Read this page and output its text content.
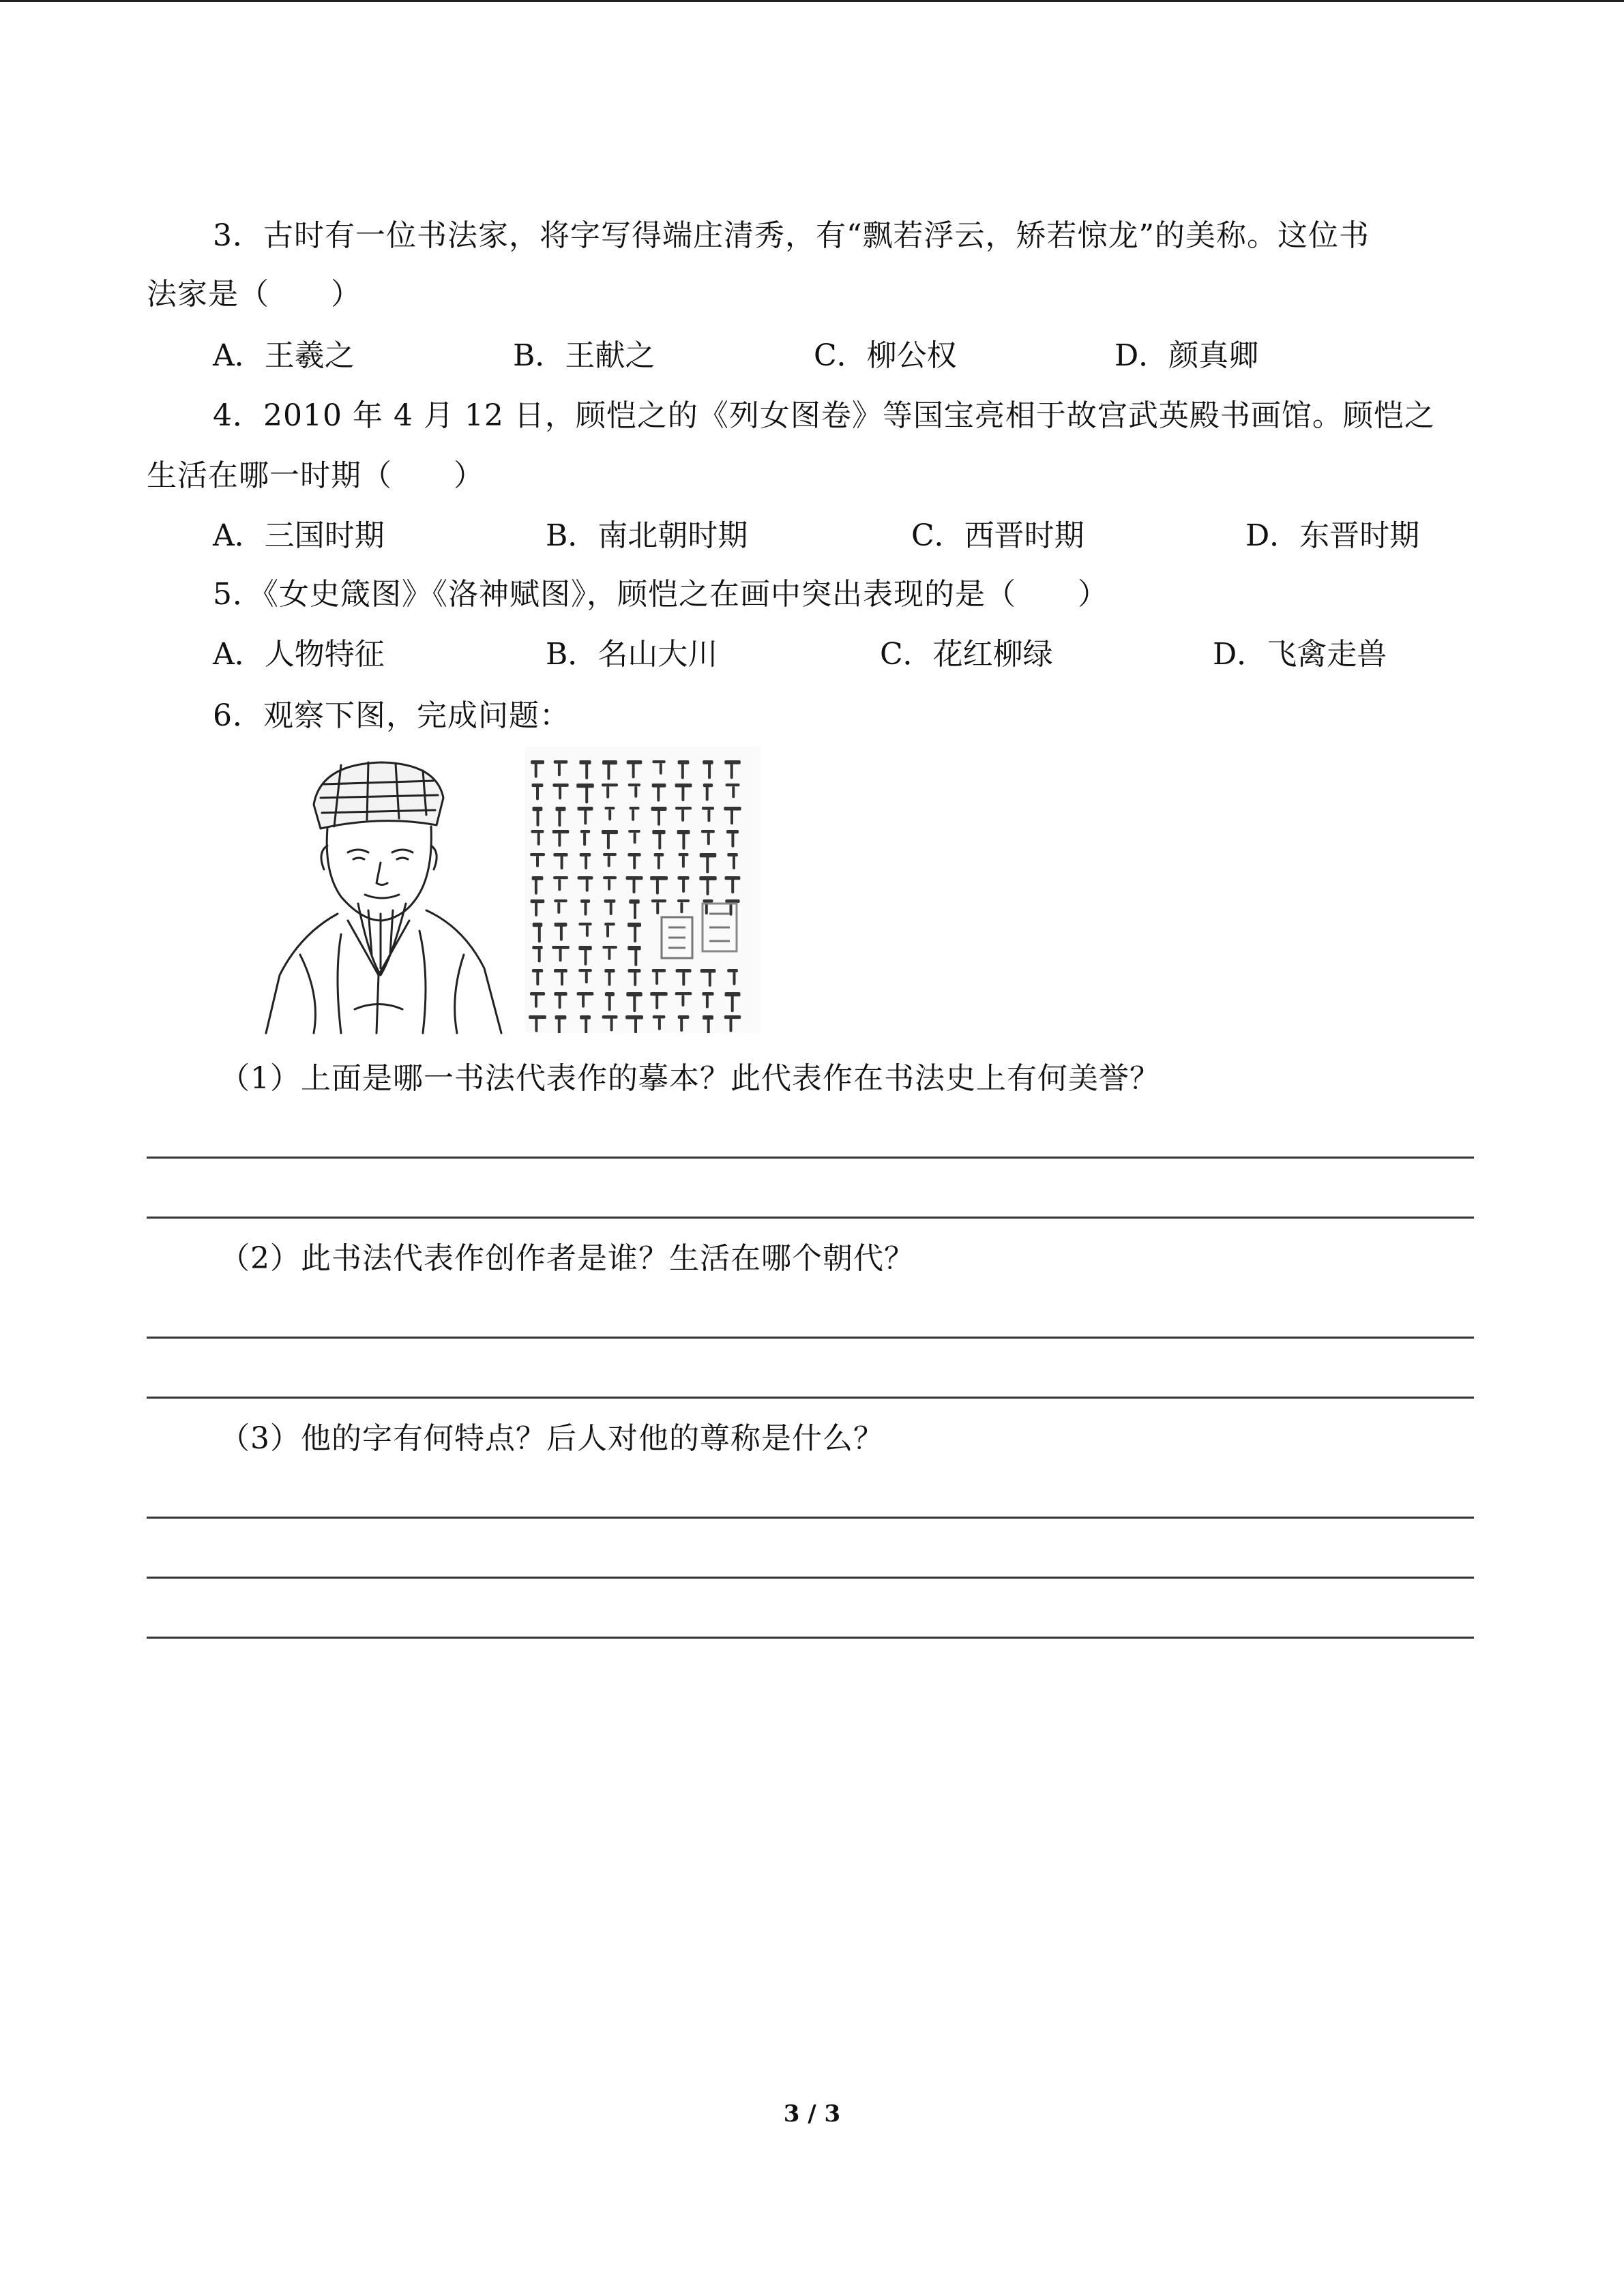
3．古时有一位书法家，将字写得端庄清秀，有“飘若浮云，矫若惊龙”的美称。这位书
法家是（　　）
A．王羲之	B．王献之	C．柳公权	D．颜真卿
4．2010 年 4 月 12 日，顾恺之的《列女图卷》等国宝亮相于故宫武英殿书画馆。顾恺之
生活在哪一时期（　　）
A．三国时期	B．南北朝时期	C．西晋时期	D．东晋时期
5．《女史箴图》《洛神赋图》，顾恺之在画中突出表现的是（　　）
A．人物特征	B．名山大川	C．花红柳绿	D．飞禽走兽
6．观察下图，完成问题：
（1）上面是哪一书法代表作的摹本？此代表作在书法史上有何美誉？
（2）此书法代表作创作者是谁？生活在哪个朝代？
（3）他的字有何特点？后人对他的尊称是什么？
3 / 3
